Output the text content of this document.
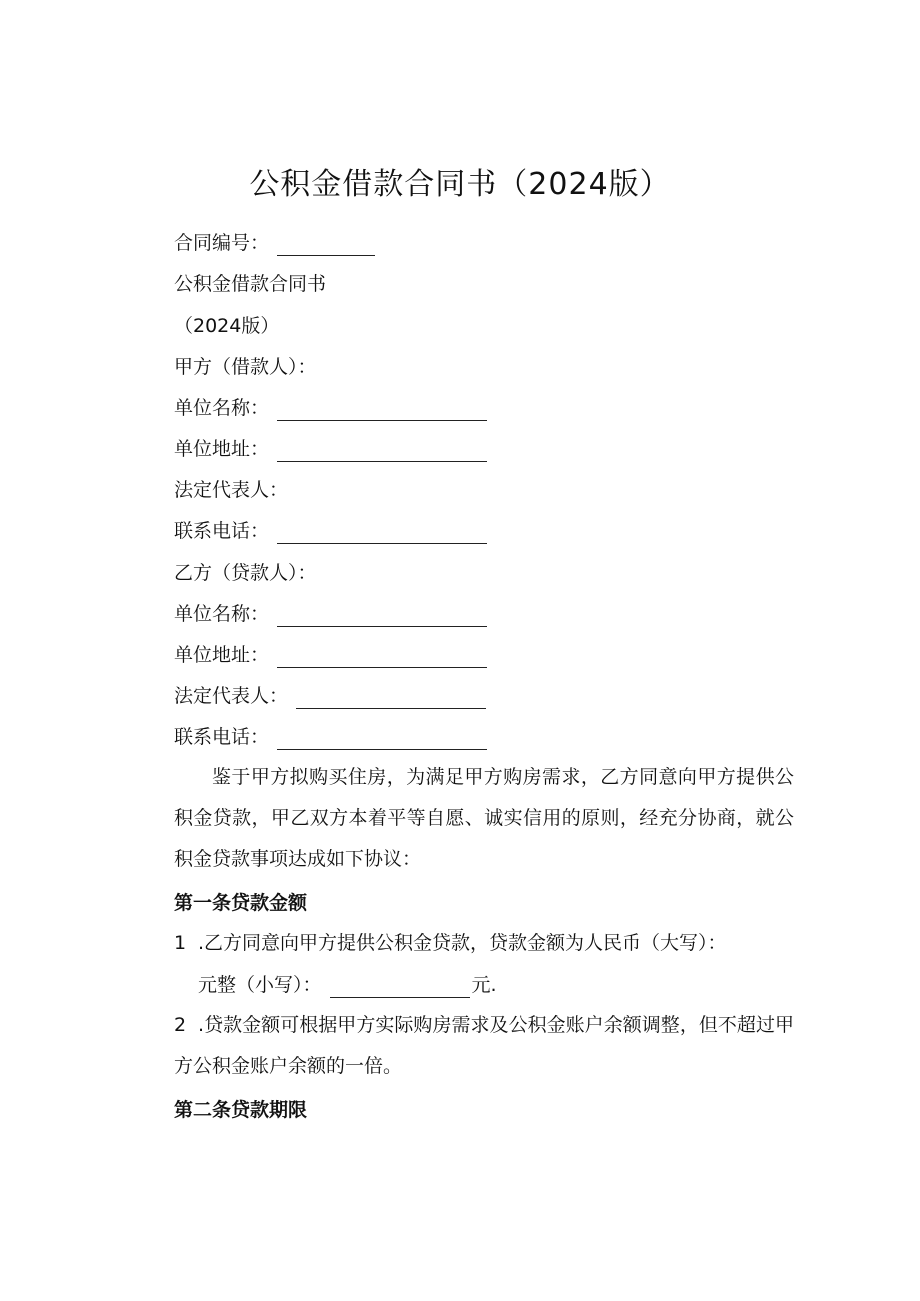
公积金借款合同书（2024版）
合同编号：
公积金借款合同书
（2024版）
甲方（借款人）：
单位名称：
单位地址：
法定代表人：
联系电话：
乙方（贷款人）：
单位名称：
单位地址：
法定代表人：
联系电话：
鉴于甲方拟购买住房，为满足甲方购房需求，乙方同意向甲方提供公积金贷款，甲乙双方本着平等自愿、诚实信用的原则，经充分协商，就公积金贷款事项达成如下协议：
第一条贷款金额
1 .乙方同意向甲方提供公积金贷款，贷款金额为人民币（大写）：
元整（小写）：	元.
2 .贷款金额可根据甲方实际购房需求及公积金账户余额调整，但不超过甲方公积金账户余额的一倍。
第二条贷款期限
